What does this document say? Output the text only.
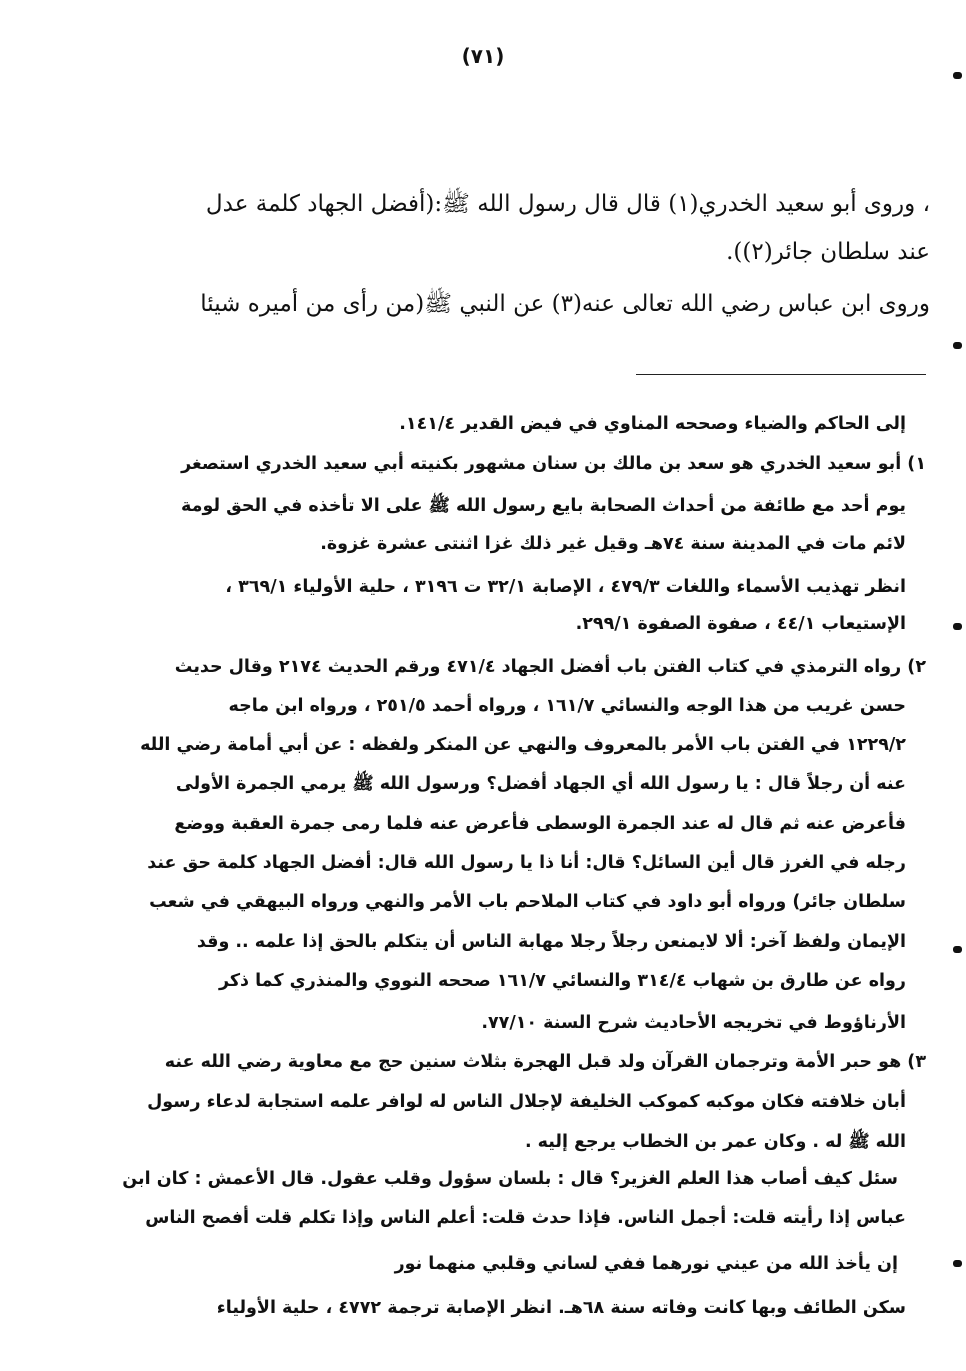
(٧١)
، وروى أبو سعيد الخدري(١) قال قال رسول الله ﷺ:(أفضل الجهاد كلمة عدل
عند سلطان جائر(٢)).
وروى ابن عباس رضي الله تعالى عنه(٣) عن النبي ﷺ(من رأى من أميره شيئا
إلى الحاكم والضياء وصححه المناوي في فيض القدير ١٤١/٤.
١) أبو سعيد الخدري هو سعد بن مالك بن سنان مشهور بكنيته أبي سعيد الخدري استصغر
يوم أحد مع طائفة من أحداث الصحابة بايع رسول الله ﷺ على الا تأخذه في الحق لومة
لائم مات في المدينة سنة ٧٤هـ وقيل غير ذلك غزا اثنتى عشرة غزوة.
انظر تهذيب الأسماء واللغات ٤٧٩/٣ ، الإصابة ٣٢/١ ت ٣١٩٦ ، حلية الأولياء ٣٦٩/١ ،
الإستيعاب ٤٤/١ ، صفوة الصفوة ٢٩٩/١.
٢) رواه الترمذي في كتاب الفتن باب أفضل الجهاد ٤٧١/٤ ورقم الحديث ٢١٧٤ وقال حديث
حسن غريب من هذا الوجه والنسائي ١٦١/٧ ، ورواه أحمد ٢٥١/٥ ، ورواه ابن ماجه
١٢٢٩/٢ في الفتن باب الأمر بالمعروف والنهي عن المنكر ولفظه : عن أبي أمامة رضي الله
عنه أن رجلاً قال : يا رسول الله أي الجهاد أفضل؟ ورسول الله ﷺ يرمي الجمرة الأولى
فأعرض عنه ثم قال له عند الجمرة الوسطى فأعرض عنه فلما رمى جمرة العقبة ووضع
رجله في الغرز قال أين السائل؟ قال: أنا ذا يا رسول الله قال: أفضل الجهاد كلمة حق عند
سلطان جائر) ورواه أبو داود في كتاب الملاحم باب الأمر والنهي ورواه البيهقي في شعب
الإيمان ولفظ آخر: ألا لايمنعن رجلاً رجلا مهابة الناس أن يتكلم بالحق إذا علمه .. وقد
رواه عن طارق بن شهاب ٣١٤/٤ والنسائي ١٦١/٧ صححه النووي والمنذري كما ذكر
الأرناؤوط في تخريجه الأحاديث شرح السنة ٧٧/١٠.
٣) هو حبر الأمة وترجمان القرآن ولد قبل الهجرة بثلاث سنين حج مع معاوية رضي الله عنه
أبان خلافته فكان موكبه كموكب الخليفة لإجلال الناس له لوافر علمه استجابة لدعاء رسول
الله ﷺ له . وكان عمر بن الخطاب يرجع إليه .
سئل كيف أصاب هذا العلم الغزير؟ قال : بلسان سؤول وقلب عقول. قال الأعمش : كان ابن
عباس إذا رأيته قلت: أجمل الناس. فإذا حدث قلت: أعلم الناس وإذا تكلم قلت أفصح الناس
إن يأخذ الله من عيني نورهما ففي لساني وقلبي منهما نور
سكن الطائف وبها كانت وفاته سنة ٦٨هـ. انظر الإصابة ترجمة ٤٧٧٢ ، حلية الأولياء
